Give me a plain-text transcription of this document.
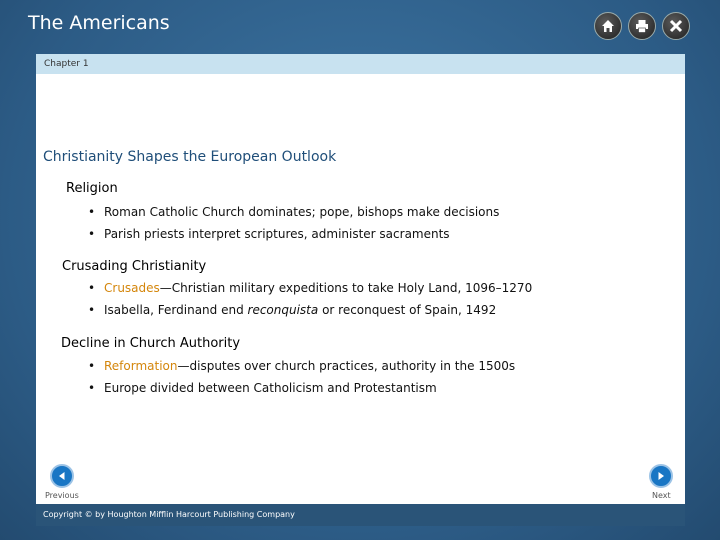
The Americans
Chapter 1
Christianity Shapes the European Outlook
Religion
• Roman Catholic Church dominates; pope, bishops make decisions
• Parish priests interpret scriptures, administer sacraments
Crusading Christianity
• Crusades—Christian military expeditions to take Holy Land, 1096–1270
• Isabella, Ferdinand end reconquista or reconquest of Spain, 1492
Decline in Church Authority
• Reformation—disputes over church practices, authority in the 1500s
• Europe divided between Catholicism and Protestantism
Previous	Next
Copyright © by Houghton Mifflin Harcourt Publishing Company
